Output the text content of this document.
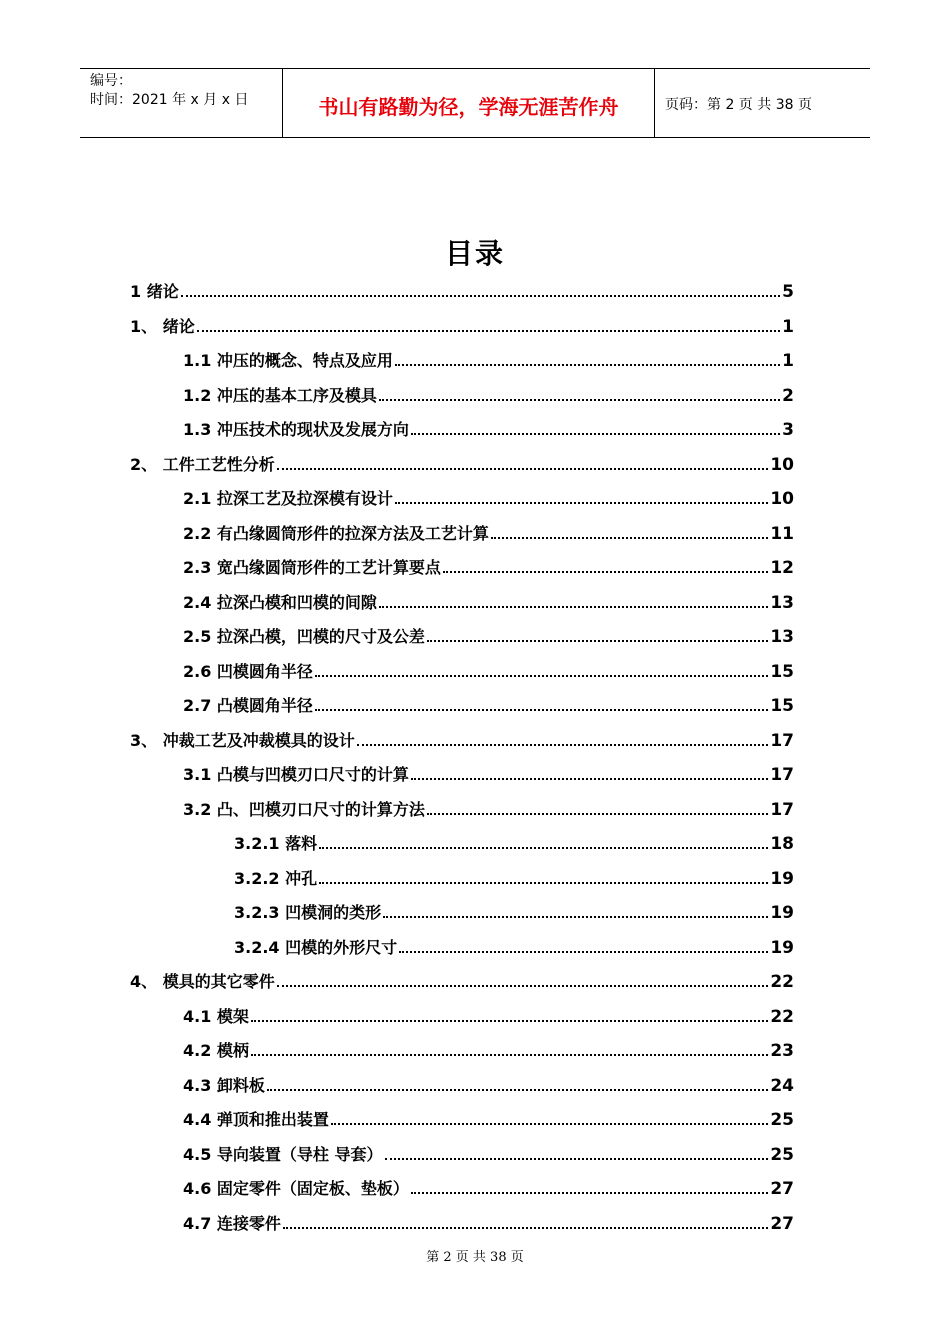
编号：
时间：2021 年 x 月 x 日	书山有路勤为径，学海无涯苦作舟	页码：第 2 页 共 38 页
目录
1 绪论	5
1、 绪论	1
1.1 冲压的概念、特点及应用	1
1.2 冲压的基本工序及模具	2
1.3 冲压技术的现状及发展方向	3
2、 工件工艺性分析	10
2.1 拉深工艺及拉深模有设计	10
2.2 有凸缘圆筒形件的拉深方法及工艺计算	11
2.3 宽凸缘圆筒形件的工艺计算要点	12
2.4 拉深凸模和凹模的间隙	13
2.5 拉深凸模，凹模的尺寸及公差	13
2.6 凹模圆角半径	15
2.7 凸模圆角半径	15
3、 冲裁工艺及冲裁模具的设计	17
3.1 凸模与凹模刃口尺寸的计算	17
3.2 凸、凹模刃口尺寸的计算方法	17
3.2.1 落料	18
3.2.2 冲孔	19
3.2.3 凹模洞的类形	19
3.2.4 凹模的外形尺寸	19
4、 模具的其它零件	22
4.1 模架	22
4.2 模柄	23
4.3 卸料板	24
4.4 弹顶和推出装置	25
4.5 导向装置（导柱 导套）	25
4.6 固定零件（固定板、垫板）	27
4.7 连接零件	27
第 2 页 共 38 页
